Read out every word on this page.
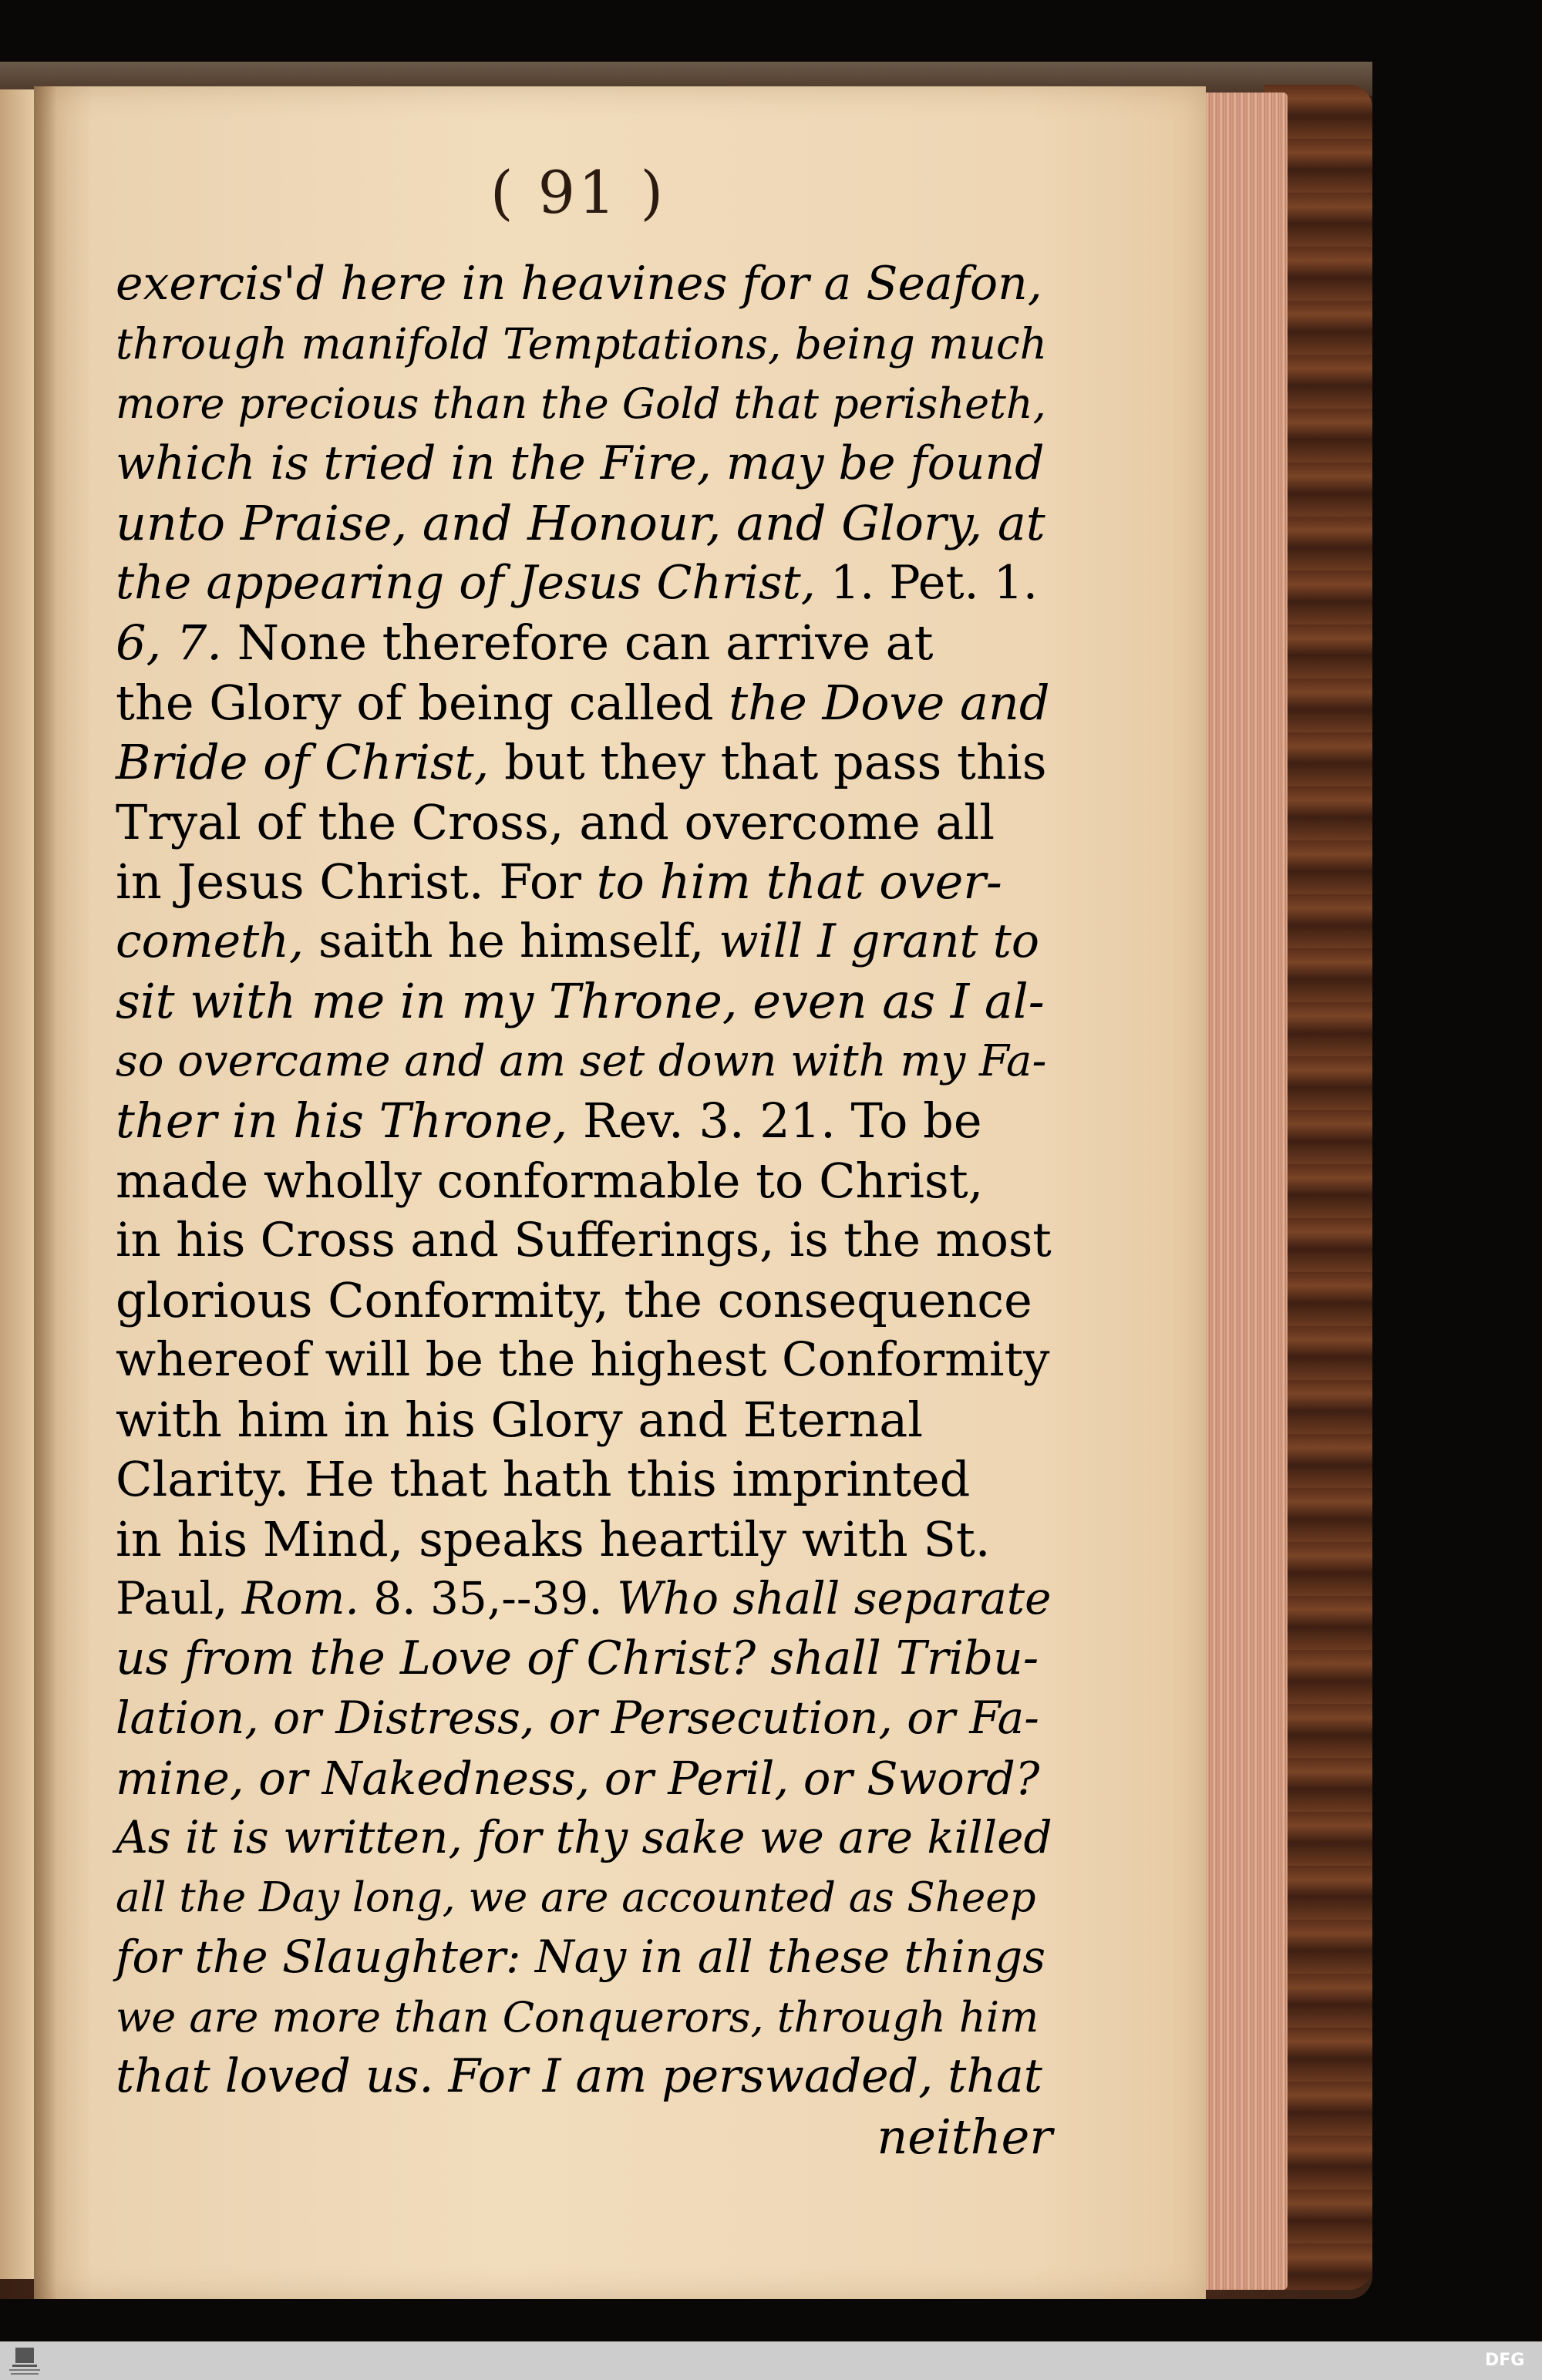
( 91 )
exercis'd here in heavines for a Seafon,
through manifold Temptations, being much
more precious than the Gold that perisheth,
which is tried in the Fire, may be found
unto Praise, and Honour, and Glory, at
the appearing of Jesus Christ, 1. Pet. 1.
6, 7. None therefore can arrive at
the Glory of being called the Dove and
Bride of Christ, but they that pass this
Tryal of the Cross, and overcome all
in Jesus Christ. For to him that over-
cometh, saith he himself, will I grant to
sit with me in my Throne, even as I al-
so overcame and am set down with my Fa-
ther in his Throne, Rev. 3. 21. To be
made wholly conformable to Christ,
in his Cross and Sufferings, is the most
glorious Conformity, the consequence
whereof will be the highest Conformity
with him in his Glory and Eternal
Clarity. He that hath this imprinted
in his Mind, speaks heartily with St.
Paul, Rom. 8. 35,--39. Who shall separate
us from the Love of Christ? shall Tribu-
lation, or Distress, or Persecution, or Fa-
mine, or Nakedness, or Peril, or Sword?
As it is written, for thy sake we are killed
all the Day long, we are accounted as Sheep
for the Slaughter: Nay in all these things
we are more than Conquerors, through him
that loved us. For I am perswaded, that
neither
DFG
